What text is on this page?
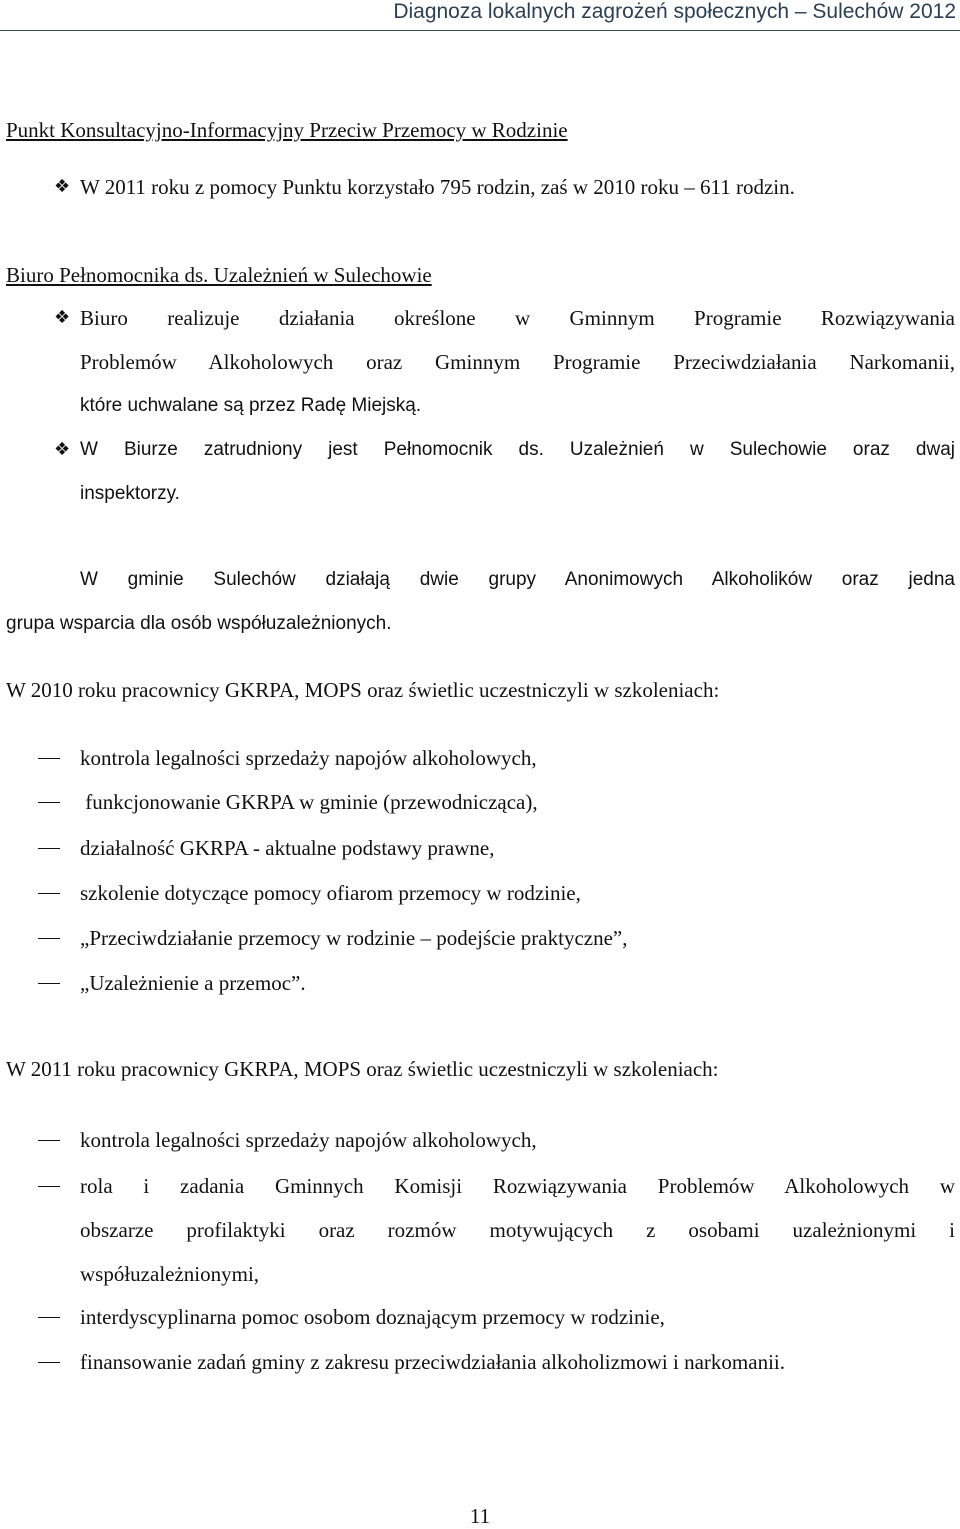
Diagnoza lokalnych zagrożeń społecznych – Sulechów 2012
Punkt Konsultacyjno-Informacyjny Przeciw Przemocy w Rodzinie
❖ W 2011 roku z pomocy Punktu korzystało 795 rodzin, zaś w 2010 roku – 611 rodzin.
Biuro Pełnomocnika ds. Uzależnień w Sulechowie
❖ Biuro realizuje działania określone w Gminnym Programie Rozwiązywania
Problemów Alkoholowych oraz Gminnym Programie Przeciwdziałania Narkomanii,
które uchwalane są przez Radę Miejską.
❖ W Biurze zatrudniony jest Pełnomocnik ds. Uzależnień w Sulechowie oraz dwaj
inspektorzy.
W gminie Sulechów działają dwie grupy Anonimowych Alkoholików oraz jedna
grupa wsparcia dla osób współuzależnionych.
W 2010 roku pracownicy GKRPA, MOPS oraz świetlic uczestniczyli w szkoleniach:
kontrola legalności sprzedaży napojów alkoholowych,
funkcjonowanie GKRPA w gminie (przewodnicząca),
działalność GKRPA - aktualne podstawy prawne,
szkolenie dotyczące pomocy ofiarom przemocy w rodzinie,
„Przeciwdziałanie przemocy w rodzinie – podejście praktyczne”,
„Uzależnienie a przemoc”.
W 2011 roku pracownicy GKRPA, MOPS oraz świetlic uczestniczyli w szkoleniach:
kontrola legalności sprzedaży napojów alkoholowych,
rola i zadania Gminnych Komisji Rozwiązywania Problemów Alkoholowych w
obszarze profilaktyki oraz rozmów motywujących z osobami uzależnionymi i
współuzależnionymi,
interdyscyplinarna pomoc osobom doznającym przemocy w rodzinie,
finansowanie zadań gminy z zakresu przeciwdziałania alkoholizmowi i narkomanii.
11
